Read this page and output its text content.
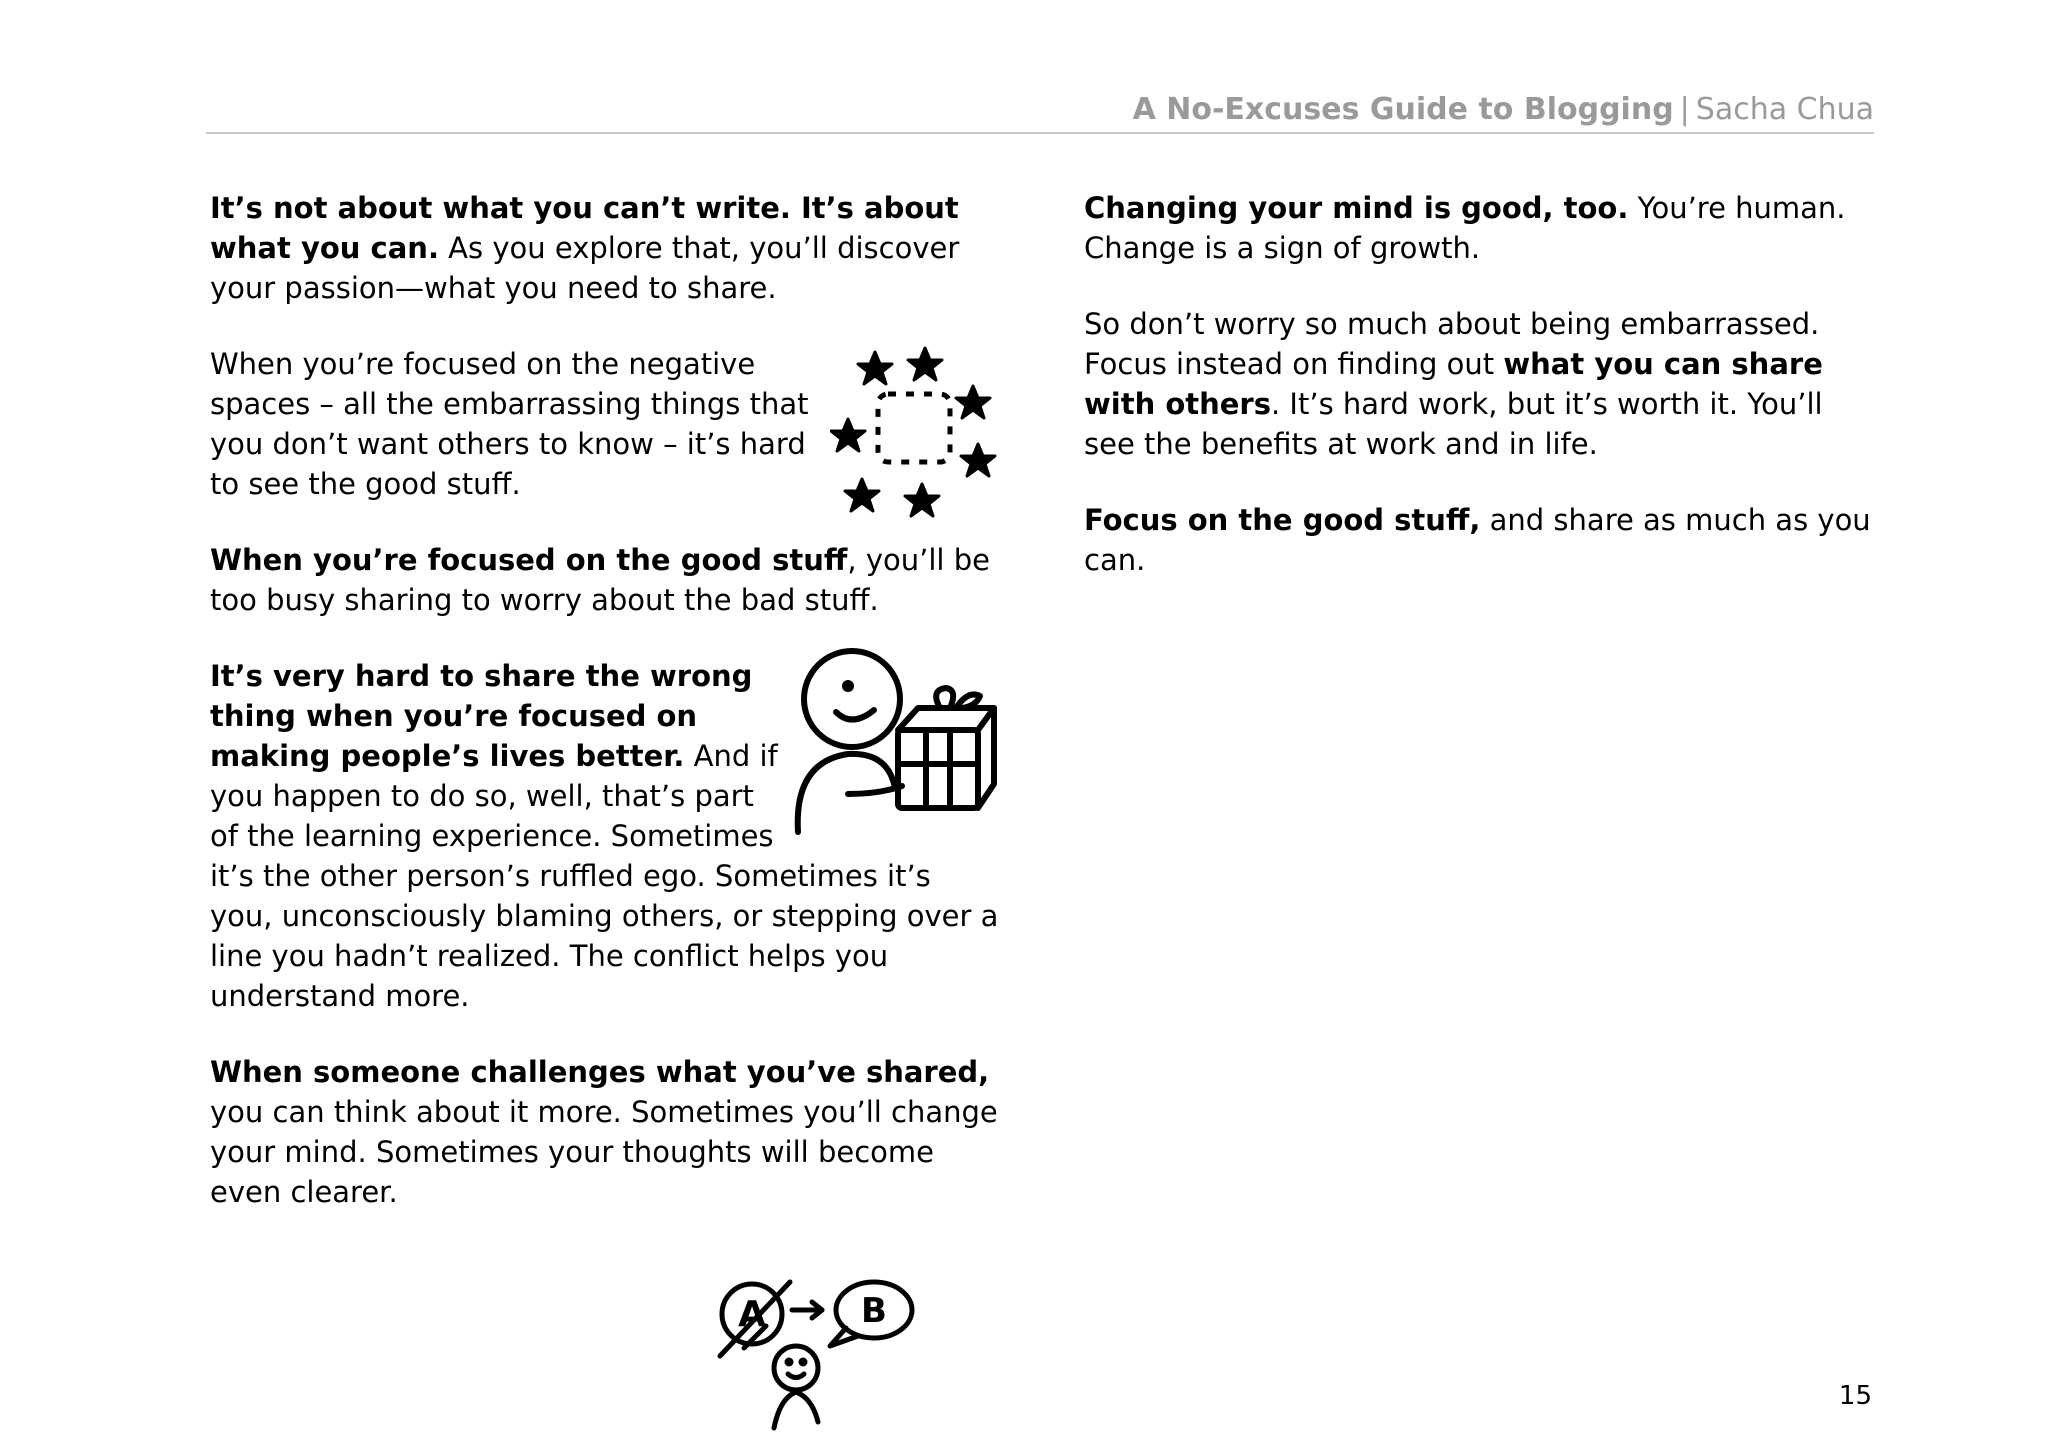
A No-Excuses Guide to Blogging | Sacha Chua

It’s not about what you can’t write. It’s about what you can. As you explore that, you’ll discover your passion—what you need to share.

When you’re focused on the negative spaces – all the embarrassing things that you don’t want others to know – it’s hard to see the good stuff.

When you’re focused on the good stuff, you’ll be too busy sharing to worry about the bad stuff.

It’s very hard to share the wrong thing when you’re focused on making people’s lives better. And if you happen to do so, well, that’s part of the learning experience. Sometimes it’s the other person’s ruffled ego. Sometimes it’s you, unconsciously blaming others, or stepping over a line you hadn’t realized. The conflict helps you understand more.

When someone challenges what you’ve shared, you can think about it more. Sometimes you’ll change your mind. Sometimes your thoughts will become even clearer.

A	B

Changing your mind is good, too. You’re human. Change is a sign of growth.

So don’t worry so much about being embarrassed. Focus instead on finding out what you can share with others. It’s hard work, but it’s worth it. You’ll see the benefits at work and in life.

Focus on the good stuff, and share as much as you can.

15
